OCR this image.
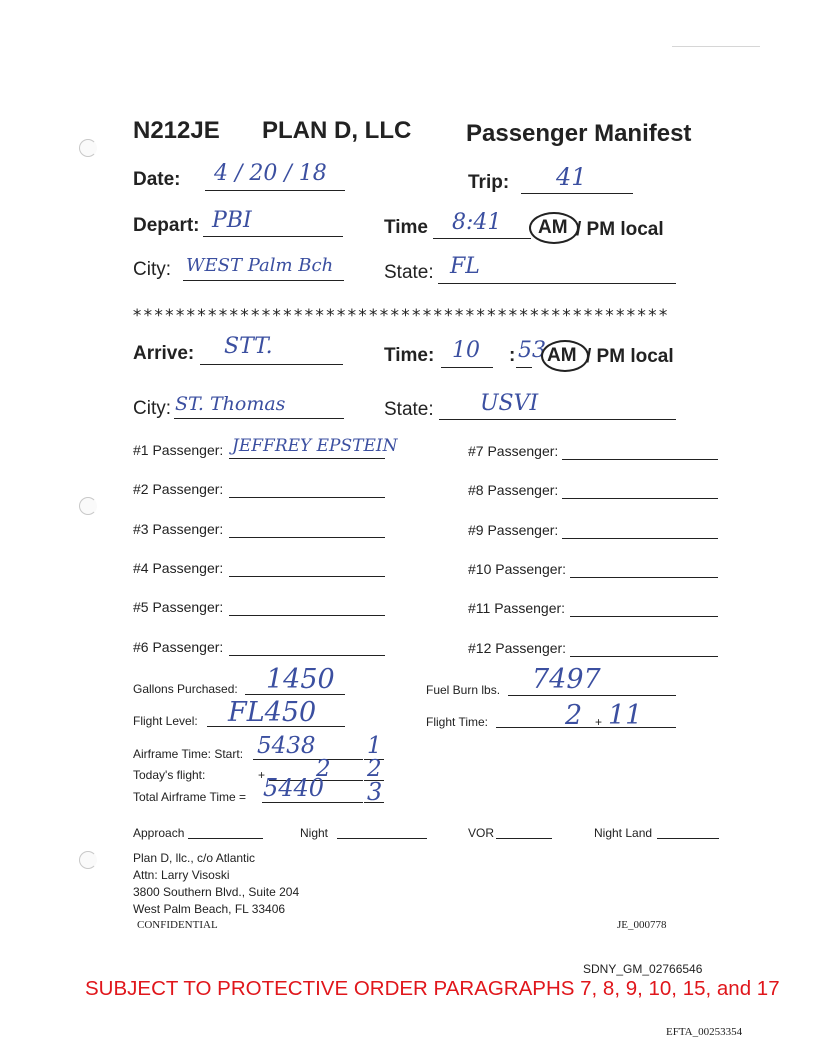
N212JE PLAN D, LLC Passenger Manifest
Date: 4 / 20 / 18	Trip: 41
Depart: PBI	Time 8:41 AM / PM local
City: WEST Palm Bch	State: FL
**************************************************
Arrive: STT.	Time: 10 : 53 AM / PM local
City: ST. Thomas	State: USVI
#1 Passenger: JEFFREY EPSTEIN
#2 Passenger:
#3 Passenger:
#4 Passenger:
#5 Passenger:
#6 Passenger:
#7 Passenger:
#8 Passenger:
#9 Passenger:
#10 Passenger:
#11 Passenger:
#12 Passenger:
Gallons Purchased: 1450	Fuel Burn lbs. 7497
Flight Level: FL450	Flight Time:	2 + 11
Airframe Time: Start: 5438 1
Today's flight:	+ 2 2
Total Airframe Time = 5440 3
Approach	Night	VOR	Night Land
Plan D, llc., c/o Atlantic
Attn: Larry Visoski
3800 Southern Blvd., Suite 204
West Palm Beach, FL 33406
CONFIDENTIAL	JE_000778
SDNY_GM_02766546
SUBJECT TO PROTECTIVE ORDER PARAGRAPHS 7, 8, 9, 10, 15, and 17
EFTA_00253354
